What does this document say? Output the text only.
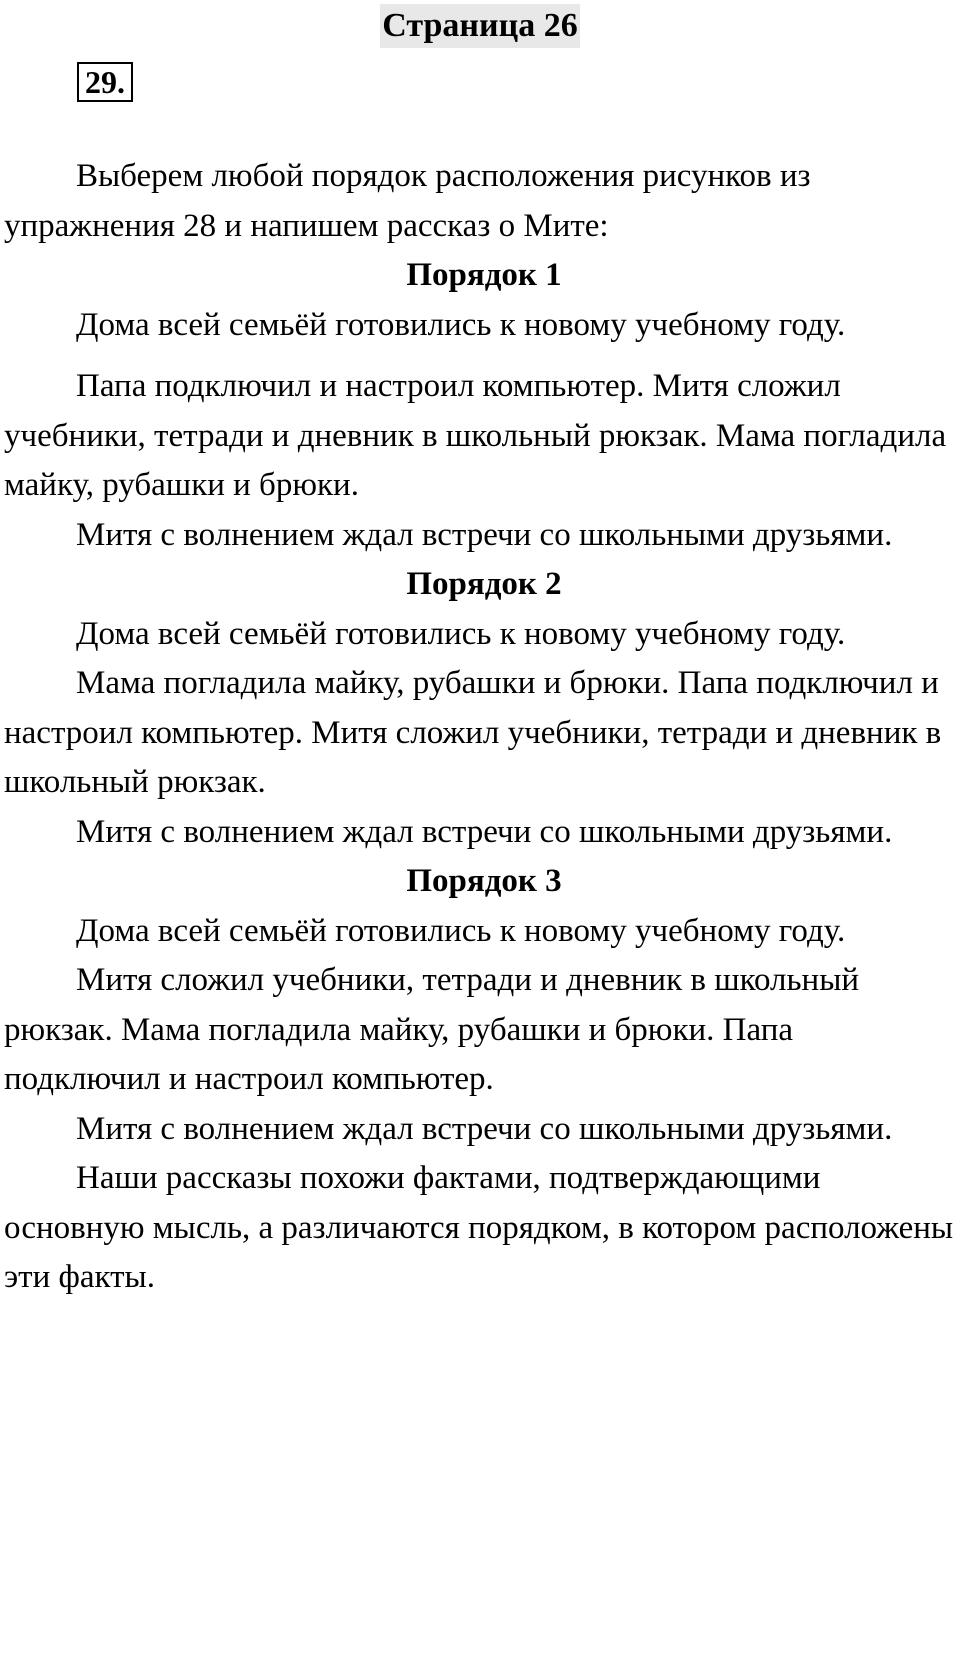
Страница 26
29.

Выберем любой порядок расположения рисунков из упражнения 28 и напишем рассказ о Мите:

Порядок 1

Дома всей семьёй готовились к новому учебному году.

Папа подключил и настроил компьютер. Митя сложил учебники, тетради и дневник в школьный рюкзак. Мама погладила майку, рубашки и брюки.

Митя с волнением ждал встречи со школьными друзьями.

Порядок 2

Дома всей семьёй готовились к новому учебному году.

Мама погладила майку, рубашки и брюки. Папа подключил и настроил компьютер. Митя сложил учебники, тетради и дневник в школьный рюкзак.

Митя с волнением ждал встречи со школьными друзьями.

Порядок 3

Дома всей семьёй готовились к новому учебному году.

Митя сложил учебники, тетради и дневник в школьный рюкзак. Мама погладила майку, рубашки и брюки. Папа подключил и настроил компьютер.

Митя с волнением ждал встречи со школьными друзьями.

Наши рассказы похожи фактами, подтверждающими основную мысль, а различаются порядком, в котором расположены эти факты.
